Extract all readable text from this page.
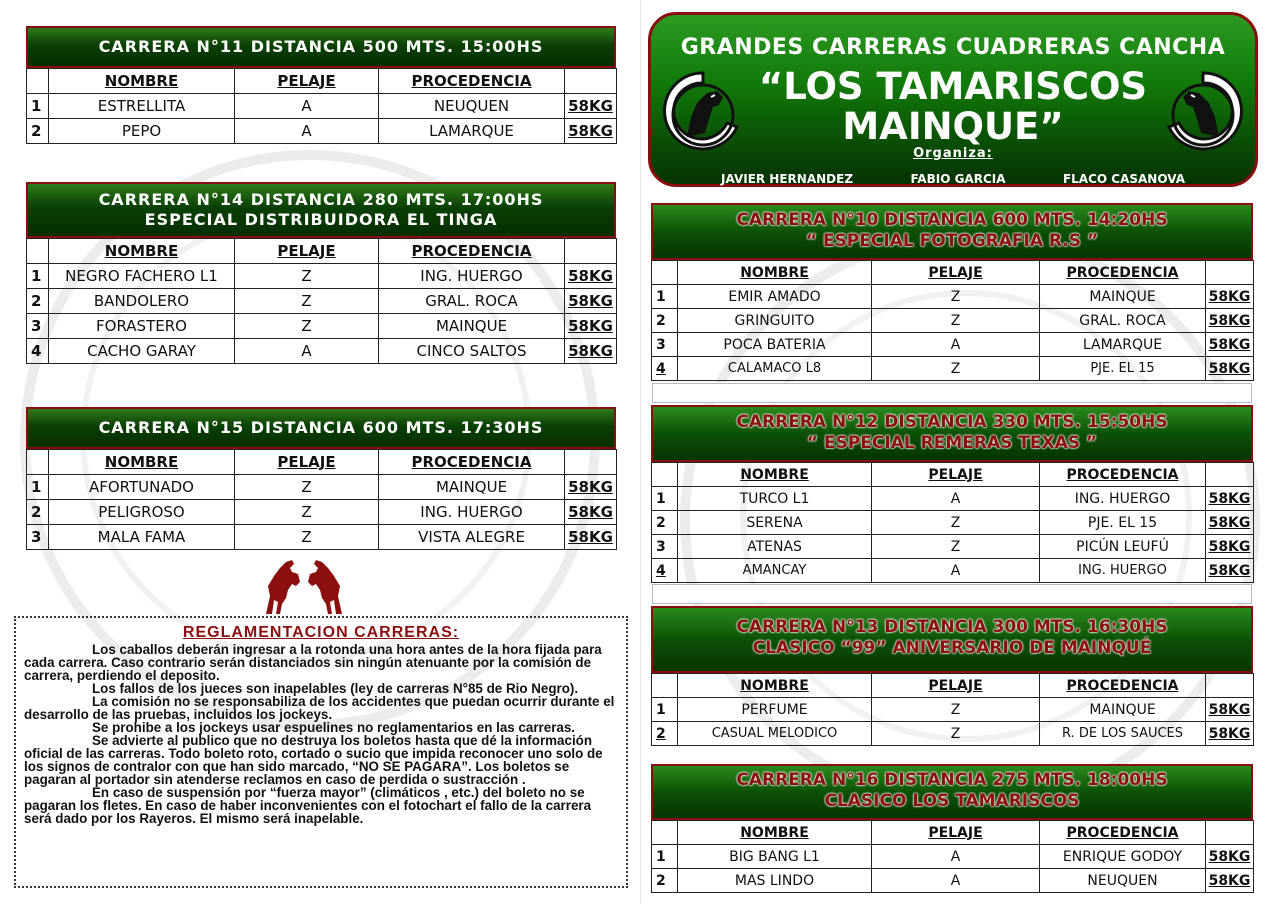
CARRERA N°11 DISTANCIA 500 MTS. 15:00HS
	NOMBRE	PELAJE	PROCEDENCIA	
1	ESTRELLITA	A	NEUQUEN	58KG
2	PEPO	A	LAMARQUE	58KG
CARRERA N°14 DISTANCIA 280 MTS. 17:00HS
ESPECIAL DISTRIBUIDORA EL TINGA
	NOMBRE	PELAJE	PROCEDENCIA	
1	NEGRO FACHERO L1	Z	ING. HUERGO	58KG
2	BANDOLERO	Z	GRAL. ROCA	58KG
3	FORASTERO	Z	MAINQUE	58KG
4	CACHO GARAY	A	CINCO SALTOS	58KG
CARRERA N°15 DISTANCIA 600 MTS. 17:30HS
	NOMBRE	PELAJE	PROCEDENCIA	
1	AFORTUNADO	Z	MAINQUE	58KG
2	PELIGROSO	Z	ING. HUERGO	58KG
3	MALA FAMA	Z	VISTA ALEGRE	58KG
REGLAMENTACION CARRERAS:

Los caballos deberán ingresar a la rotonda una hora antes de la hora fijada para cada carrera. Caso contrario serán distanciados sin ningún atenuante por la comisión de carrera, perdiendo el deposito.

Los fallos de los jueces son inapelables (ley de carreras N°85 de Rio Negro).

La comisión no se responsabiliza de los accidentes que puedan ocurrir durante el desarrollo de las pruebas, incluidos los jockeys.

Se prohibe a los jockeys usar espuelines no reglamentarios en las carreras.

Se advierte al publico que no destruya los boletos hasta que dé la información oficial de las carreras. Todo boleto roto, cortado o sucio que impida reconocer uno solo de los signos de contralor con que han sido marcado, “NO SE PAGARA”. Los boletos se pagaran al portador sin atenderse reclamos en caso de perdida o sustracción .

En caso de suspensión por “fuerza mayor” (climáticos , etc.) del boleto no se pagaran los fletes. En caso de haber inconvenientes con el fotochart el fallo de la carrera será dado por los Rayeros. El mismo será inapelable.

GRANDES CARRERAS CUADRERAS CANCHA
“LOS TAMARISCOS
MAINQUE”
Organiza:
JAVIER HERNANDEZ	FABIO GARCIA	FLACO CASANOVA
CARRERA N°10 DISTANCIA 600 MTS. 14:20HS
“ ESPECIAL FOTOGRAFIA R.S ”
	NOMBRE	PELAJE	PROCEDENCIA	
1	EMIR AMADO	Z	MAINQUE	58KG
2	GRINGUITO	Z	GRAL. ROCA	58KG
3	POCA BATERIA	A	LAMARQUE	58KG
4	CALAMACO L8	Z	PJE. EL 15	58KG
CARRERA N°12 DISTANCIA 330 MTS. 15:50HS
“ ESPECIAL REMERAS TEXAS ”
	NOMBRE	PELAJE	PROCEDENCIA	
1	TURCO L1	A	ING. HUERGO	58KG
2	SERENA	Z	PJE. EL 15	58KG
3	ATENAS	Z	PICÚN LEUFÚ	58KG
4	AMANCAY	A	ING. HUERGO	58KG
CARRERA N°13 DISTANCIA 300 MTS. 16:30HS
CLASICO “99” ANIVERSARIO DE MAINQUÉ
	NOMBRE	PELAJE	PROCEDENCIA	
1	PERFUME	Z	MAINQUE	58KG
2	CASUAL MELODICO	Z	R. DE LOS SAUCES	58KG
CARRERA N°16 DISTANCIA 275 MTS. 18:00HS
CLASICO LOS TAMARISCOS
	NOMBRE	PELAJE	PROCEDENCIA	
1	BIG BANG L1	A	ENRIQUE GODOY	58KG
2	MAS LINDO	A	NEUQUEN	58KG
